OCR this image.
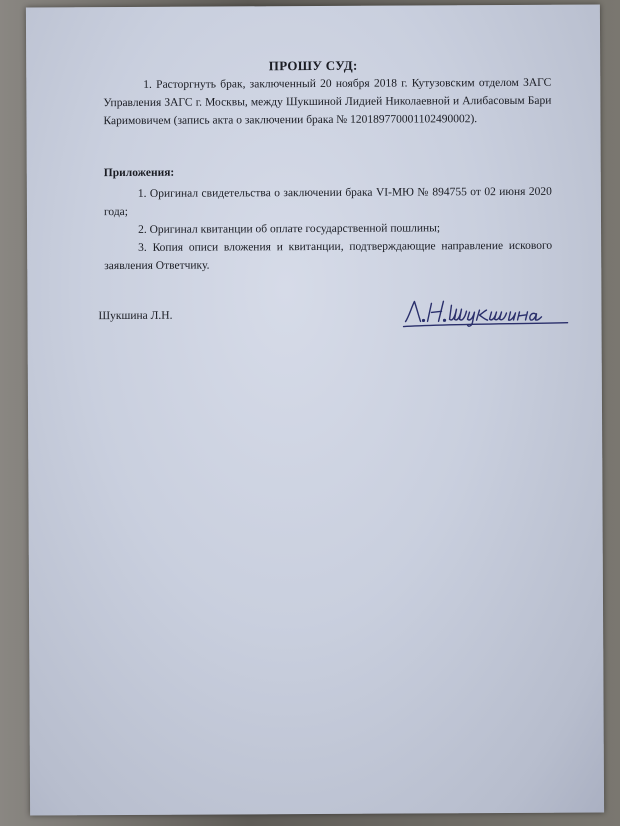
ПРОШУ СУД:
1. Расторгнуть брак, заключенный 20 ноября 2018 г. Кутузовским отделом ЗАГС Управления ЗАГС г. Москвы, между Шукшиной Лидией Николаевной и Алибасовым Бари Каримовичем (запись акта о заключении брака № 120189770001102490002).
Приложения:
1. Оригинал свидетельства о заключении брака VI-МЮ № 894755 от 02 июня 2020 года;
2. Оригинал квитанции об оплате государственной пошлины;
3. Копия описи вложения и квитанции, подтверждающие направление искового заявления Ответчику.
Шукшина Л.Н.
